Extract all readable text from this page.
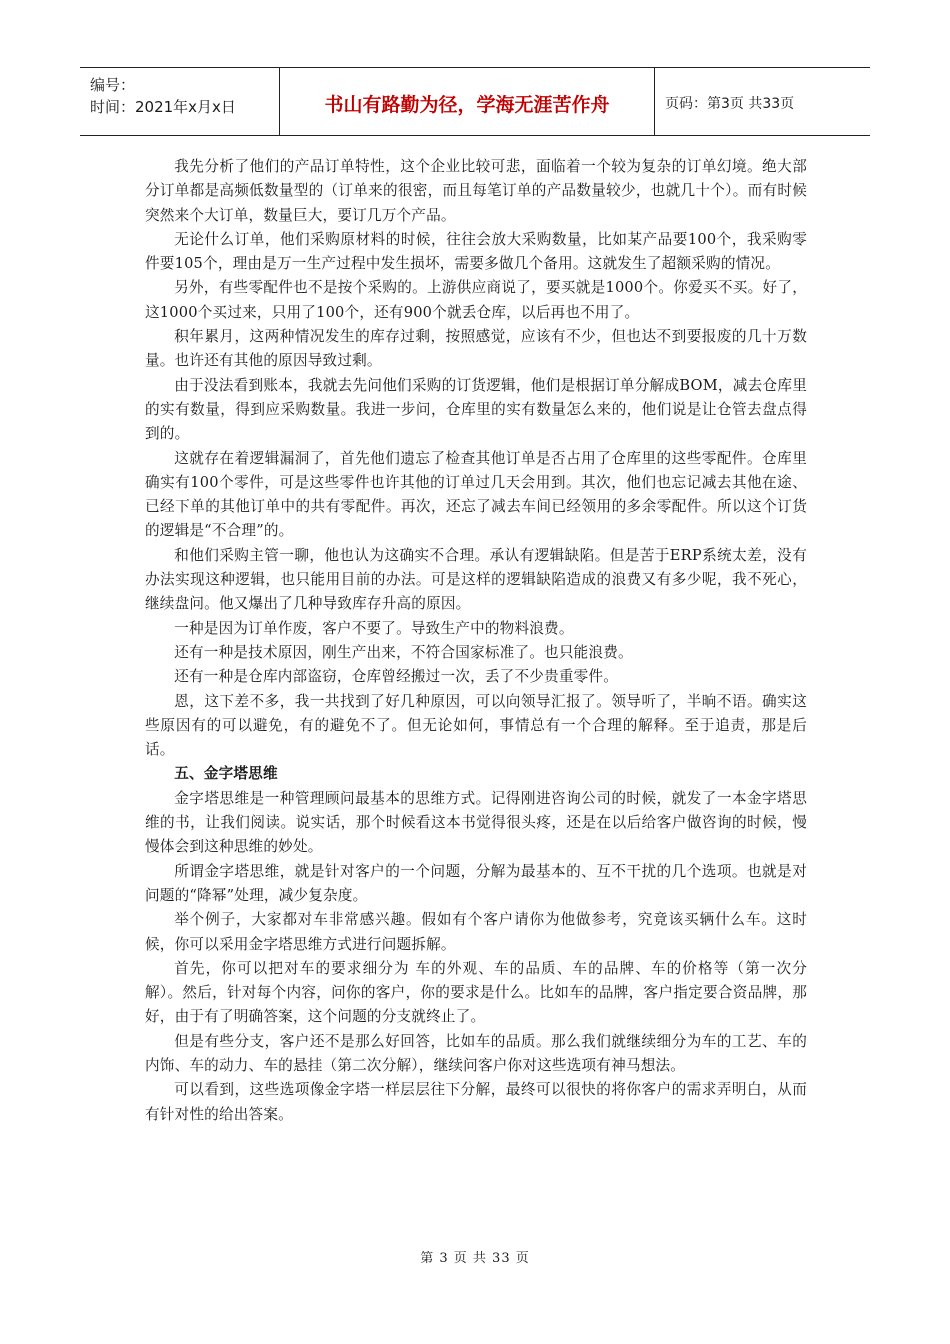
编号：
时间：2021年x月x日	书山有路勤为径，学海无涯苦作舟	页码：第3页 共33页

我先分析了他们的产品订单特性，这个企业比较可悲，面临着一个较为复杂的订单幻境。绝大部分订单都是高频低数量型的（订单来的很密，而且每笔订单的产品数量较少，也就几十个）。而有时候突然来个大订单，数量巨大，要订几万个产品。

无论什么订单，他们采购原材料的时候，往往会放大采购数量，比如某产品要100个，我采购零件要105个，理由是万一生产过程中发生损坏，需要多做几个备用。这就发生了超额采购的情况。

另外，有些零配件也不是按个采购的。上游供应商说了，要买就是1000个。你爱买不买。好了，这1000个买过来，只用了100个，还有900个就丢仓库，以后再也不用了。

积年累月，这两种情况发生的库存过剩，按照感觉，应该有不少，但也达不到要报废的几十万数量。也许还有其他的原因导致过剩。

由于没法看到账本，我就去先问他们采购的订货逻辑，他们是根据订单分解成BOM，减去仓库里的实有数量，得到应采购数量。我进一步问，仓库里的实有数量怎么来的，他们说是让仓管去盘点得到的。

这就存在着逻辑漏洞了，首先他们遗忘了检查其他订单是否占用了仓库里的这些零配件。仓库里确实有100个零件，可是这些零件也许其他的订单过几天会用到。其次，他们也忘记减去其他在途、已经下单的其他订单中的共有零配件。再次，还忘了减去车间已经领用的多余零配件。所以这个订货的逻辑是“不合理”的。

和他们采购主管一聊，他也认为这确实不合理。承认有逻辑缺陷。但是苦于ERP系统太差，没有办法实现这种逻辑，也只能用目前的办法。可是这样的逻辑缺陷造成的浪费又有多少呢，我不死心，继续盘问。他又爆出了几种导致库存升高的原因。

一种是因为订单作废，客户不要了。导致生产中的物料浪费。

还有一种是技术原因，刚生产出来，不符合国家标准了。也只能浪费。

还有一种是仓库内部盗窃，仓库曾经搬过一次，丢了不少贵重零件。

恩，这下差不多，我一共找到了好几种原因，可以向领导汇报了。领导听了，半晌不语。确实这些原因有的可以避免，有的避免不了。但无论如何，事情总有一个合理的解释。至于追责，那是后话。

五、金字塔思维

金字塔思维是一种管理顾问最基本的思维方式。记得刚进咨询公司的时候，就发了一本金字塔思维的书，让我们阅读。说实话，那个时候看这本书觉得很头疼，还是在以后给客户做咨询的时候，慢慢体会到这种思维的妙处。

所谓金字塔思维，就是针对客户的一个问题，分解为最基本的、互不干扰的几个选项。也就是对问题的“降幂”处理，减少复杂度。

举个例子，大家都对车非常感兴趣。假如有个客户请你为他做参考，究竟该买辆什么车。这时候，你可以采用金字塔思维方式进行问题拆解。

首先，你可以把对车的要求细分为 车的外观、车的品质、车的品牌、车的价格等（第一次分解）。然后，针对每个内容，问你的客户，你的要求是什么。比如车的品牌，客户指定要合资品牌，那好，由于有了明确答案，这个问题的分支就终止了。

但是有些分支，客户还不是那么好回答，比如车的品质。那么我们就继续细分为车的工艺、车的内饰、车的动力、车的悬挂（第二次分解），继续问客户你对这些选项有神马想法。

可以看到，这些选项像金字塔一样层层往下分解，最终可以很快的将你客户的需求弄明白，从而有针对性的给出答案。

第 3 页 共 33 页
